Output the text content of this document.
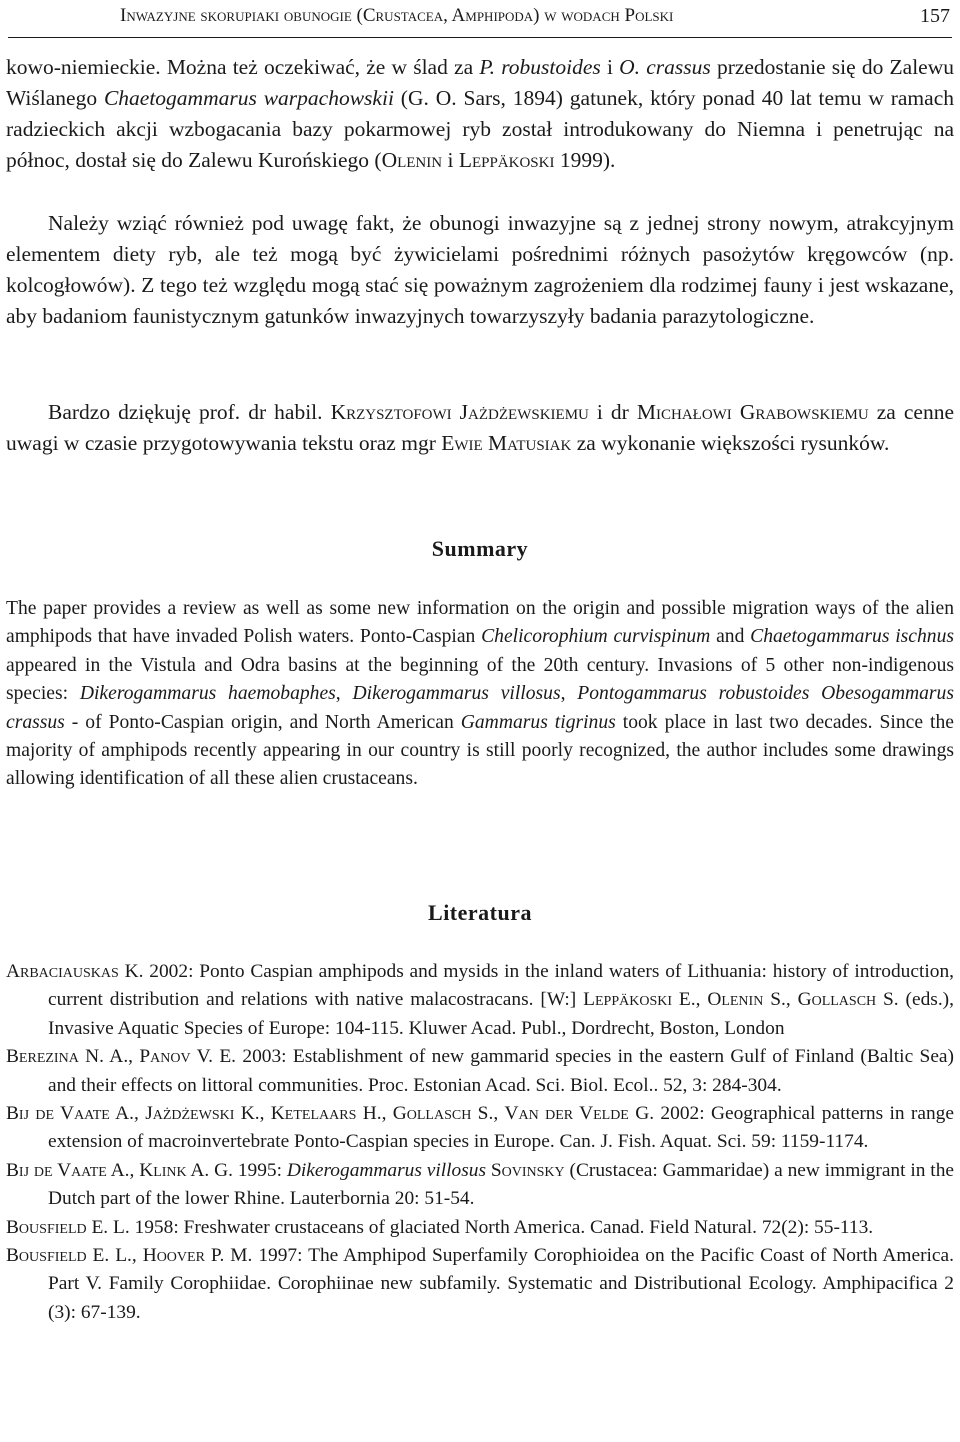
Inwazyjne skorupiaki obunogie (Crustacea, Amphipoda) w wodach Polski	157

kowo-niemieckie. Można też oczekiwać, że w ślad za P. robustoides i O. crassus przedostanie się do Zalewu Wiślanego Chaetogammarus warpachowskii (G. O. Sars, 1894) gatunek, który ponad 40 lat temu w ramach radzieckich akcji wzbogacania bazy pokarmowej ryb został introdukowany do Niemna i penetrując na północ, dostał się do Zalewu Kurońskiego (Olenin i Leppäkoski 1999).

Należy wziąć również pod uwagę fakt, że obunogi inwazyjne są z jednej strony nowym, atrakcyjnym elementem diety ryb, ale też mogą być żywicielami pośrednimi różnych pasożytów kręgowców (np. kolcogłowów). Z tego też względu mogą stać się poważnym zagrożeniem dla rodzimej fauny i jest wskazane, aby badaniom faunistycznym gatunków inwazyjnych towarzyszyły badania parazytologiczne.

Bardzo dziękuję prof. dr habil. Krzysztofowi Jażdżewskiemu i dr Michałowi Grabowskiemu za cenne uwagi w czasie przygotowywania tekstu oraz mgr Ewie Matusiak za wykonanie większości rysunków.

Summary

The paper provides a review as well as some new information on the origin and possible migration ways of the alien amphipods that have invaded Polish waters. Ponto-Caspian Chelicorophium curvispinum and Chaetogammarus ischnus appeared in the Vistula and Odra basins at the beginning of the 20th century. Invasions of 5 other non-indigenous species: Dikerogammarus haemobaphes, Dikerogammarus villosus, Pontogammarus robustoides Obesogammarus crassus - of Ponto-Caspian origin, and North American Gammarus tigrinus took place in last two decades. Since the majority of amphipods recently appearing in our country is still poorly recognized, the author includes some drawings allowing identification of all these alien crustaceans.

Literatura

Arbaciauskas K. 2002: Ponto Caspian amphipods and mysids in the inland waters of Lithuania: history of introduction, current distribution and relations with native malacostracans. [W:] Leppäkoski E., Olenin S., Gollasch S. (eds.), Invasive Aquatic Species of Europe: 104-115. Kluwer Acad. Publ., Dordrecht, Boston, London

Berezina N. A., Panov V. E. 2003: Establishment of new gammarid species in the eastern Gulf of Finland (Baltic Sea) and their effects on littoral communities. Proc. Estonian Acad. Sci. Biol. Ecol.. 52, 3: 284-304.

Bij de Vaate A., Jażdżewski K., Ketelaars H., Gollasch S., Van der Velde G. 2002: Geographical patterns in range extension of macroinvertebrate Ponto-Caspian species in Europe. Can. J. Fish. Aquat. Sci. 59: 1159-1174.

Bij de Vaate A., Klink A. G. 1995: Dikerogammarus villosus Sovinsky (Crustacea: Gammaridae) a new immigrant in the Dutch part of the lower Rhine. Lauterbornia 20: 51-54.

Bousfield E. L. 1958: Freshwater crustaceans of glaciated North America. Canad. Field Natural. 72(2): 55-113.

Bousfield E. L., Hoover P. M. 1997: The Amphipod Superfamily Corophioidea on the Pacific Coast of North America. Part V. Family Corophiidae. Corophiinae new subfamily. Systematic and Distributional Ecology. Amphipacifica 2 (3): 67-139.
